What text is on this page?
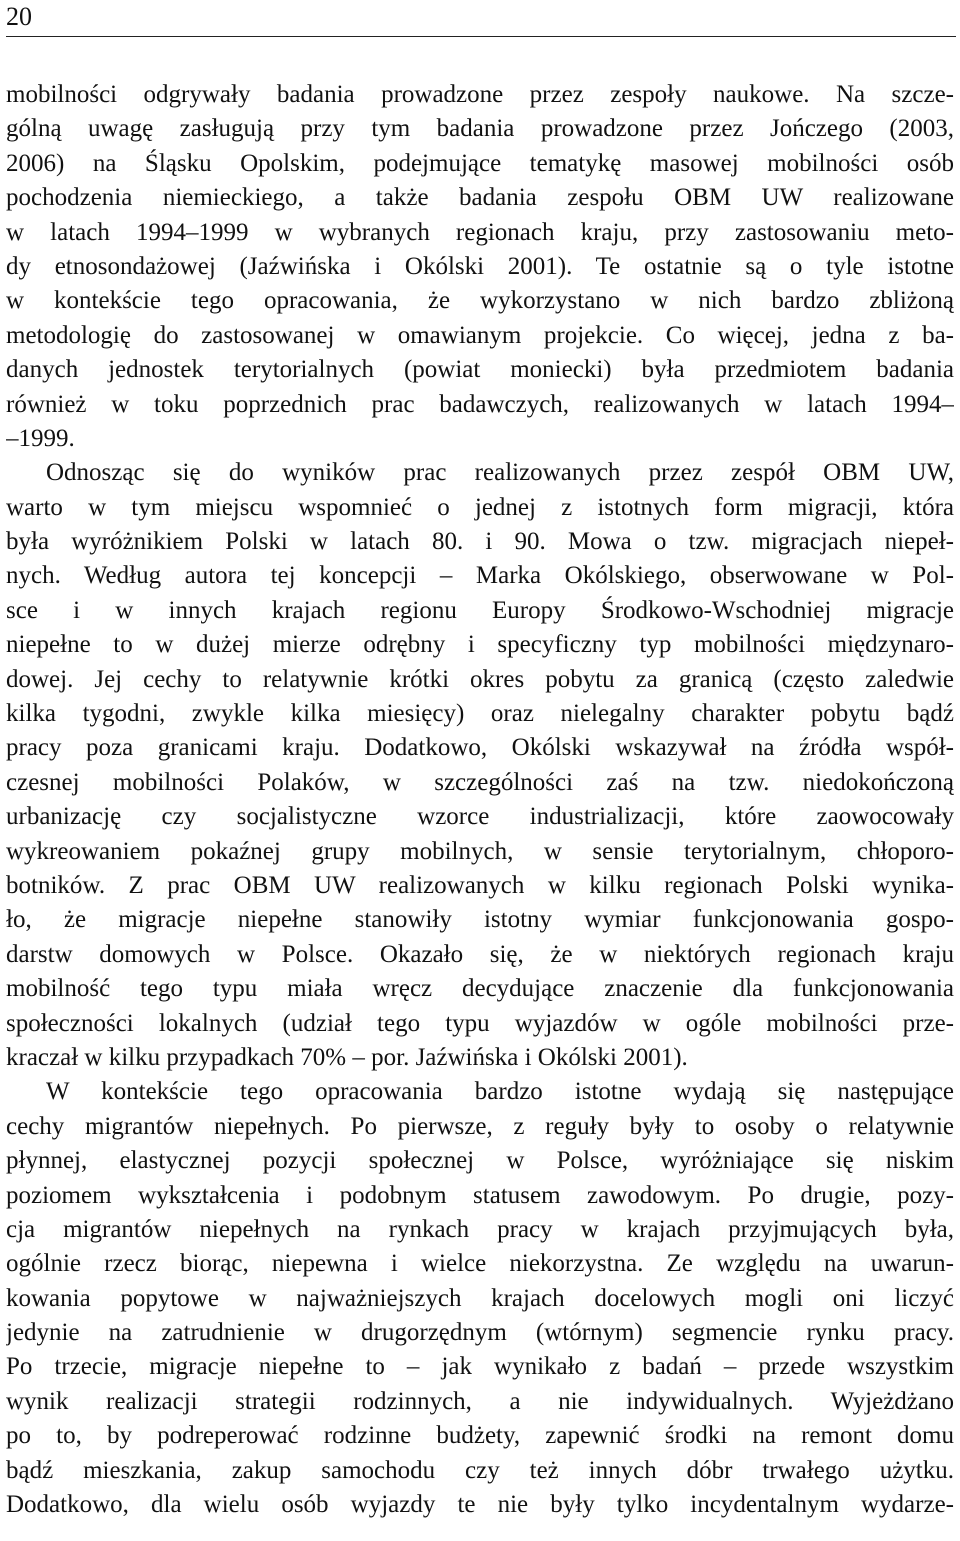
20
mobilności odgrywały badania prowadzone przez zespoły naukowe. Na szcze-
gólną uwagę zasługują przy tym badania prowadzone przez Jończego (2003,
2006) na Śląsku Opolskim, podejmujące tematykę masowej mobilności osób
pochodzenia niemieckiego, a także badania zespołu OBM UW realizowane
w latach 1994–1999 w wybranych regionach kraju, przy zastosowaniu meto-
dy etnosondażowej (Jaźwińska i Okólski 2001). Te ostatnie są o tyle istotne
w kontekście tego opracowania, że wykorzystano w nich bardzo zbliżoną
metodologię do zastosowanej w omawianym projekcie. Co więcej, jedna z ba-
danych jednostek terytorialnych (powiat moniecki) była przedmiotem badania
również w toku poprzednich prac badawczych, realizowanych w latach 1994–
–1999.
Odnosząc się do wyników prac realizowanych przez zespół OBM UW,
warto w tym miejscu wspomnieć o jednej z istotnych form migracji, która
była wyróżnikiem Polski w latach 80. i 90. Mowa o tzw. migracjach niepeł-
nych. Według autora tej koncepcji – Marka Okólskiego, obserwowane w Pol-
sce i w innych krajach regionu Europy Środkowo-Wschodniej migracje
niepełne to w dużej mierze odrębny i specyficzny typ mobilności międzynaro-
dowej. Jej cechy to relatywnie krótki okres pobytu za granicą (często zaledwie
kilka tygodni, zwykle kilka miesięcy) oraz nielegalny charakter pobytu bądź
pracy poza granicami kraju. Dodatkowo, Okólski wskazywał na źródła współ-
czesnej mobilności Polaków, w szczególności zaś na tzw. niedokończoną
urbanizację czy socjalistyczne wzorce industrializacji, które zaowocowały
wykreowaniem pokaźnej grupy mobilnych, w sensie terytorialnym, chłoporo-
botników. Z prac OBM UW realizowanych w kilku regionach Polski wynika-
ło, że migracje niepełne stanowiły istotny wymiar funkcjonowania gospo-
darstw domowych w Polsce. Okazało się, że w niektórych regionach kraju
mobilność tego typu miała wręcz decydujące znaczenie dla funkcjonowania
społeczności lokalnych (udział tego typu wyjazdów w ogóle mobilności prze-
kraczał w kilku przypadkach 70% – por. Jaźwińska i Okólski 2001).
W kontekście tego opracowania bardzo istotne wydają się następujące
cechy migrantów niepełnych. Po pierwsze, z reguły były to osoby o relatywnie
płynnej, elastycznej pozycji społecznej w Polsce, wyróżniające się niskim
poziomem wykształcenia i podobnym statusem zawodowym. Po drugie, pozy-
cja migrantów niepełnych na rynkach pracy w krajach przyjmujących była,
ogólnie rzecz biorąc, niepewna i wielce niekorzystna. Ze względu na uwarun-
kowania popytowe w najważniejszych krajach docelowych mogli oni liczyć
jedynie na zatrudnienie w drugorzędnym (wtórnym) segmencie rynku pracy.
Po trzecie, migracje niepełne to – jak wynikało z badań – przede wszystkim
wynik realizacji strategii rodzinnych, a nie indywidualnych. Wyjeżdżano
po to, by podreperować rodzinne budżety, zapewnić środki na remont domu
bądź mieszkania, zakup samochodu czy też innych dóbr trwałego użytku.
Dodatkowo, dla wielu osób wyjazdy te nie były tylko incydentalnym wydarze-
